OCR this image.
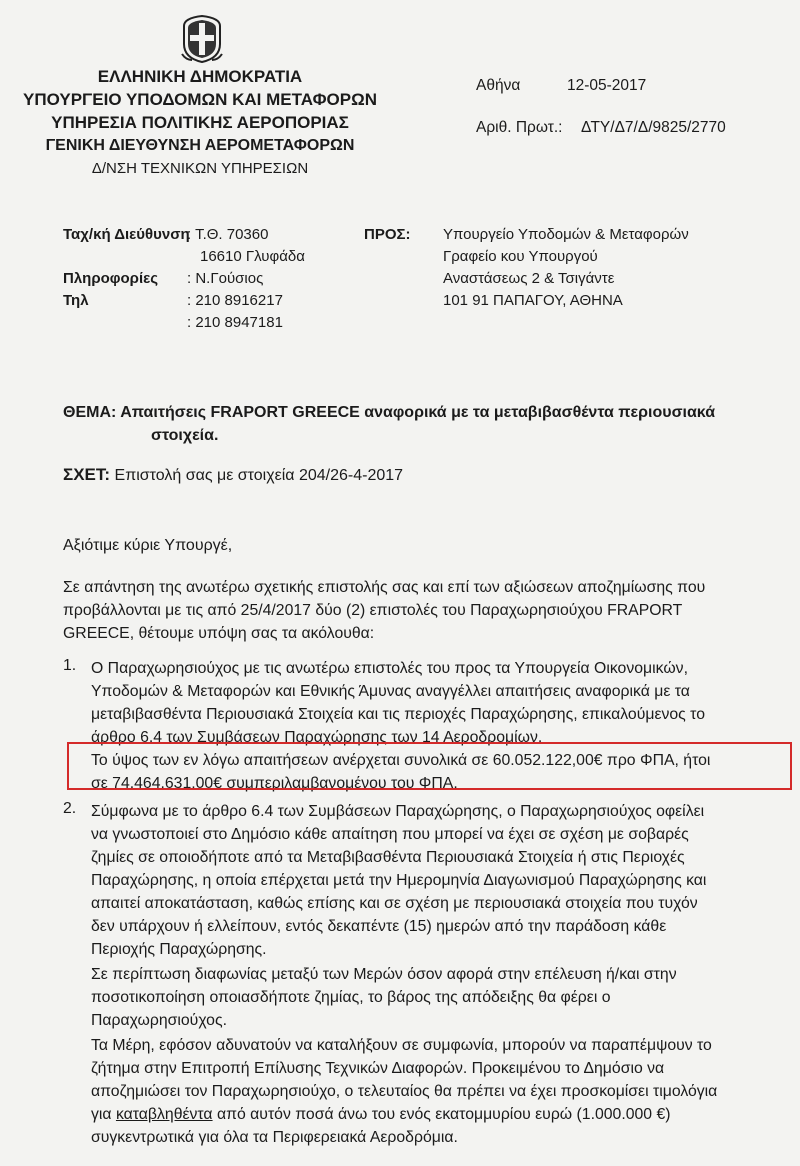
ΕΛΛΗΝΙΚΗ ΔΗΜΟΚΡΑΤΙΑ
ΥΠΟΥΡΓΕΙΟ ΥΠΟΔΟΜΩΝ ΚΑΙ ΜΕΤΑΦΟΡΩΝ
ΥΠΗΡΕΣΙΑ ΠΟΛΙΤΙΚΗΣ ΑΕΡΟΠΟΡΙΑΣ
ΓΕΝΙΚΗ ΔΙΕΥΘΥΝΣΗ ΑΕΡΟΜΕΤΑΦΟΡΩΝ
Δ/ΝΣΗ ΤΕΧΝΙΚΩΝ ΥΠΗΡΕΣΙΩΝ
Αθήνα	12-05-2017
Αριθ. Πρωτ.: ΔΤΥ/Δ7/Δ/9825/2770
Ταχ/κή Διεύθυνση
: Τ.Θ. 70360
16610 Γλυφάδα
Πληροφορίες : Ν.Γούσιος
Τηλ	: 210 8916217
: 210 8947181
ΠΡΟΣ: Υπουργείο Υποδομών & Μεταφορών
Γραφείο κου Υπουργού
Αναστάσεως 2 & Τσιγάντε
101 91 ΠΑΠΑΓΟΥ, ΑΘΗΝΑ
ΘΕΜΑ: Απαιτήσεις FRAPORT GREECE αναφορικά με τα μεταβιβασθέντα περιουσιακά
στοιχεία.
ΣΧΕΤ: Επιστολή σας με στοιχεία 204/26-4-2017
Αξιότιμε κύριε Υπουργέ,
Σε απάντηση της ανωτέρω σχετικής επιστολής σας και επί των αξιώσεων αποζημίωσης που
προβάλλονται με τις από 25/4/2017 δύο (2) επιστολές του Παραχωρησιούχου FRAPORT
GREECE, θέτουμε υπόψη σας τα ακόλουθα:
1. Ο Παραχωρησιούχος με τις ανωτέρω επιστολές του προς τα Υπουργεία Οικονομικών,
Υποδομών & Μεταφορών και Εθνικής Άμυνας αναγγέλλει απαιτήσεις αναφορικά με τα
μεταβιβασθέντα Περιουσιακά Στοιχεία και τις περιοχές Παραχώρησης, επικαλούμενος το
άρθρο 6.4 των Συμβάσεων Παραχώρησης των 14 Αεροδρομίων.
Το ύψος των εν λόγω απαιτήσεων ανέρχεται συνολικά σε 60.052.122,00€ προ ΦΠΑ, ήτοι
σε 74.464.631,00€ συμπεριλαμβανομένου του ΦΠΑ.
2. Σύμφωνα με το άρθρο 6.4 των Συμβάσεων Παραχώρησης, ο Παραχωρησιούχος οφείλει
να γνωστοποιεί στο Δημόσιο κάθε απαίτηση που μπορεί να έχει σε σχέση με σοβαρές
ζημίες σε οποιοδήποτε από τα Μεταβιβασθέντα Περιουσιακά Στοιχεία ή στις Περιοχές
Παραχώρησης, η οποία επέρχεται μετά την Ημερομηνία Διαγωνισμού Παραχώρησης και
απαιτεί αποκατάσταση, καθώς επίσης και σε σχέση με περιουσιακά στοιχεία που τυχόν
δεν υπάρχουν ή ελλείπουν, εντός δεκαπέντε (15) ημερών από την παράδοση κάθε
Περιοχής Παραχώρησης.
Σε περίπτωση διαφωνίας μεταξύ των Μερών όσον αφορά στην επέλευση ή/και στην
ποσοτικοποίηση οποιασδήποτε ζημίας, το βάρος της απόδειξης θα φέρει ο
Παραχωρησιούχος.
Τα Μέρη, εφόσον αδυνατούν να καταλήξουν σε συμφωνία, μπορούν να παραπέμψουν το
ζήτημα στην Επιτροπή Επίλυσης Τεχνικών Διαφορών. Προκειμένου το Δημόσιο να
αποζημιώσει τον Παραχωρησιούχο, ο τελευταίος θα πρέπει να έχει προσκομίσει τιμολόγια
για καταβληθέντα από αυτόν ποσά άνω του ενός εκατομμυρίου ευρώ (1.000.000 €)
συγκεντρωτικά για όλα τα Περιφερειακά Αεροδρόμια.
